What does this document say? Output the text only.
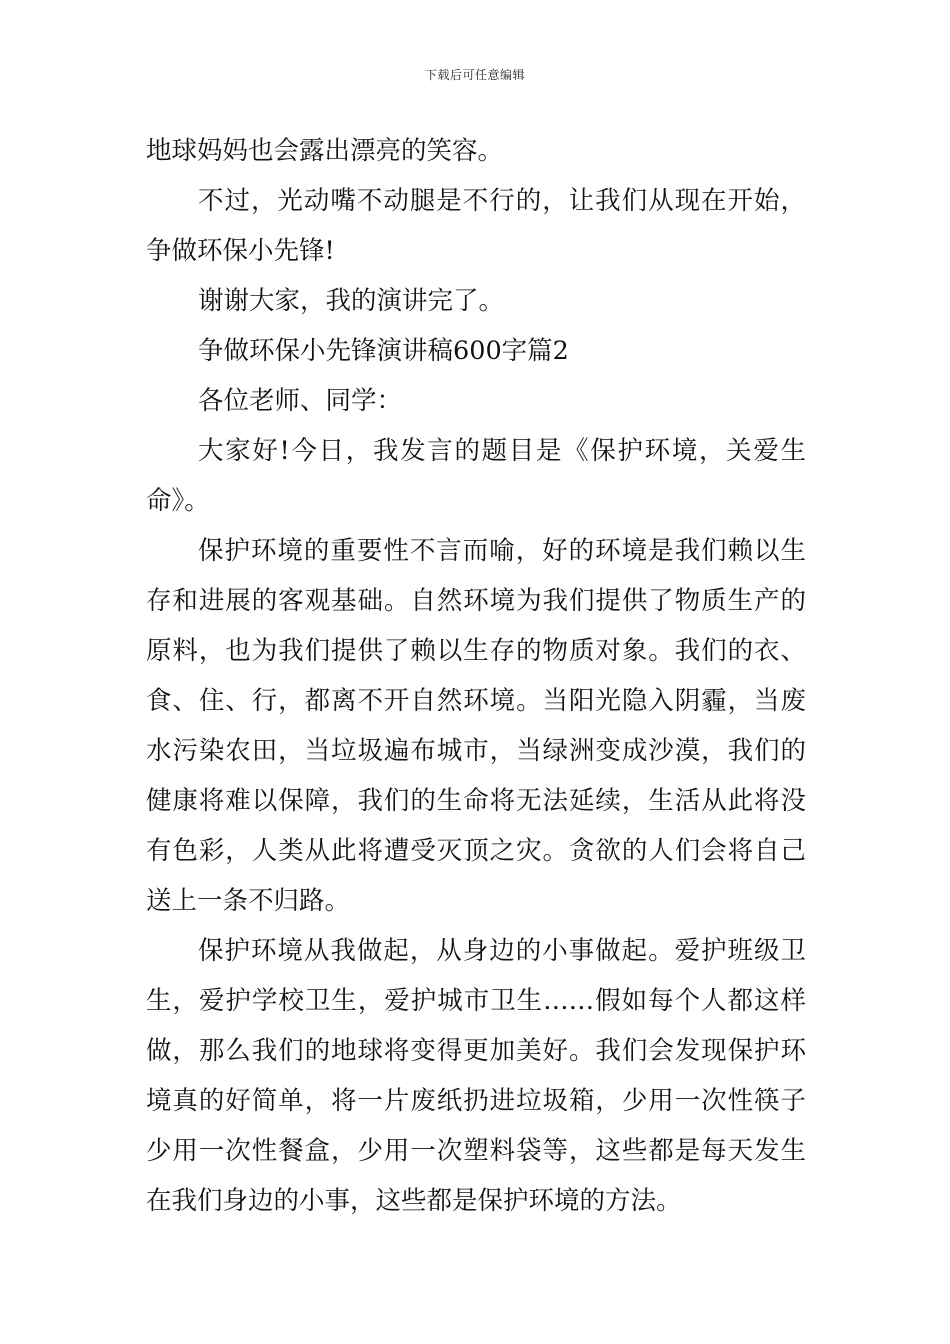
下载后可任意编辑
地球妈妈也会露出漂亮的笑容。
不过，光动嘴不动腿是不行的，让我们从现在开始，
争做环保小先锋!
谢谢大家，我的演讲完了。
争做环保小先锋演讲稿600字篇2
各位老师、同学：
大家好!今日，我发言的题目是《保护环境，关爱生
命》。
保护环境的重要性不言而喻，好的环境是我们赖以生
存和进展的客观基础。自然环境为我们提供了物质生产的
原料，也为我们提供了赖以生存的物质对象。我们的衣、
食、住、行，都离不开自然环境。当阳光隐入阴霾，当废
水污染农田，当垃圾遍布城市，当绿洲变成沙漠，我们的
健康将难以保障，我们的生命将无法延续，生活从此将没
有色彩，人类从此将遭受灭顶之灾。贪欲的人们会将自己
送上一条不归路。
保护环境从我做起，从身边的小事做起。爱护班级卫
生，爱护学校卫生，爱护城市卫生……假如每个人都这样
做，那么我们的地球将变得更加美好。我们会发现保护环
境真的好简单，将一片废纸扔进垃圾箱，少用一次性筷子
少用一次性餐盒，少用一次塑料袋等，这些都是每天发生
在我们身边的小事，这些都是保护环境的方法。
